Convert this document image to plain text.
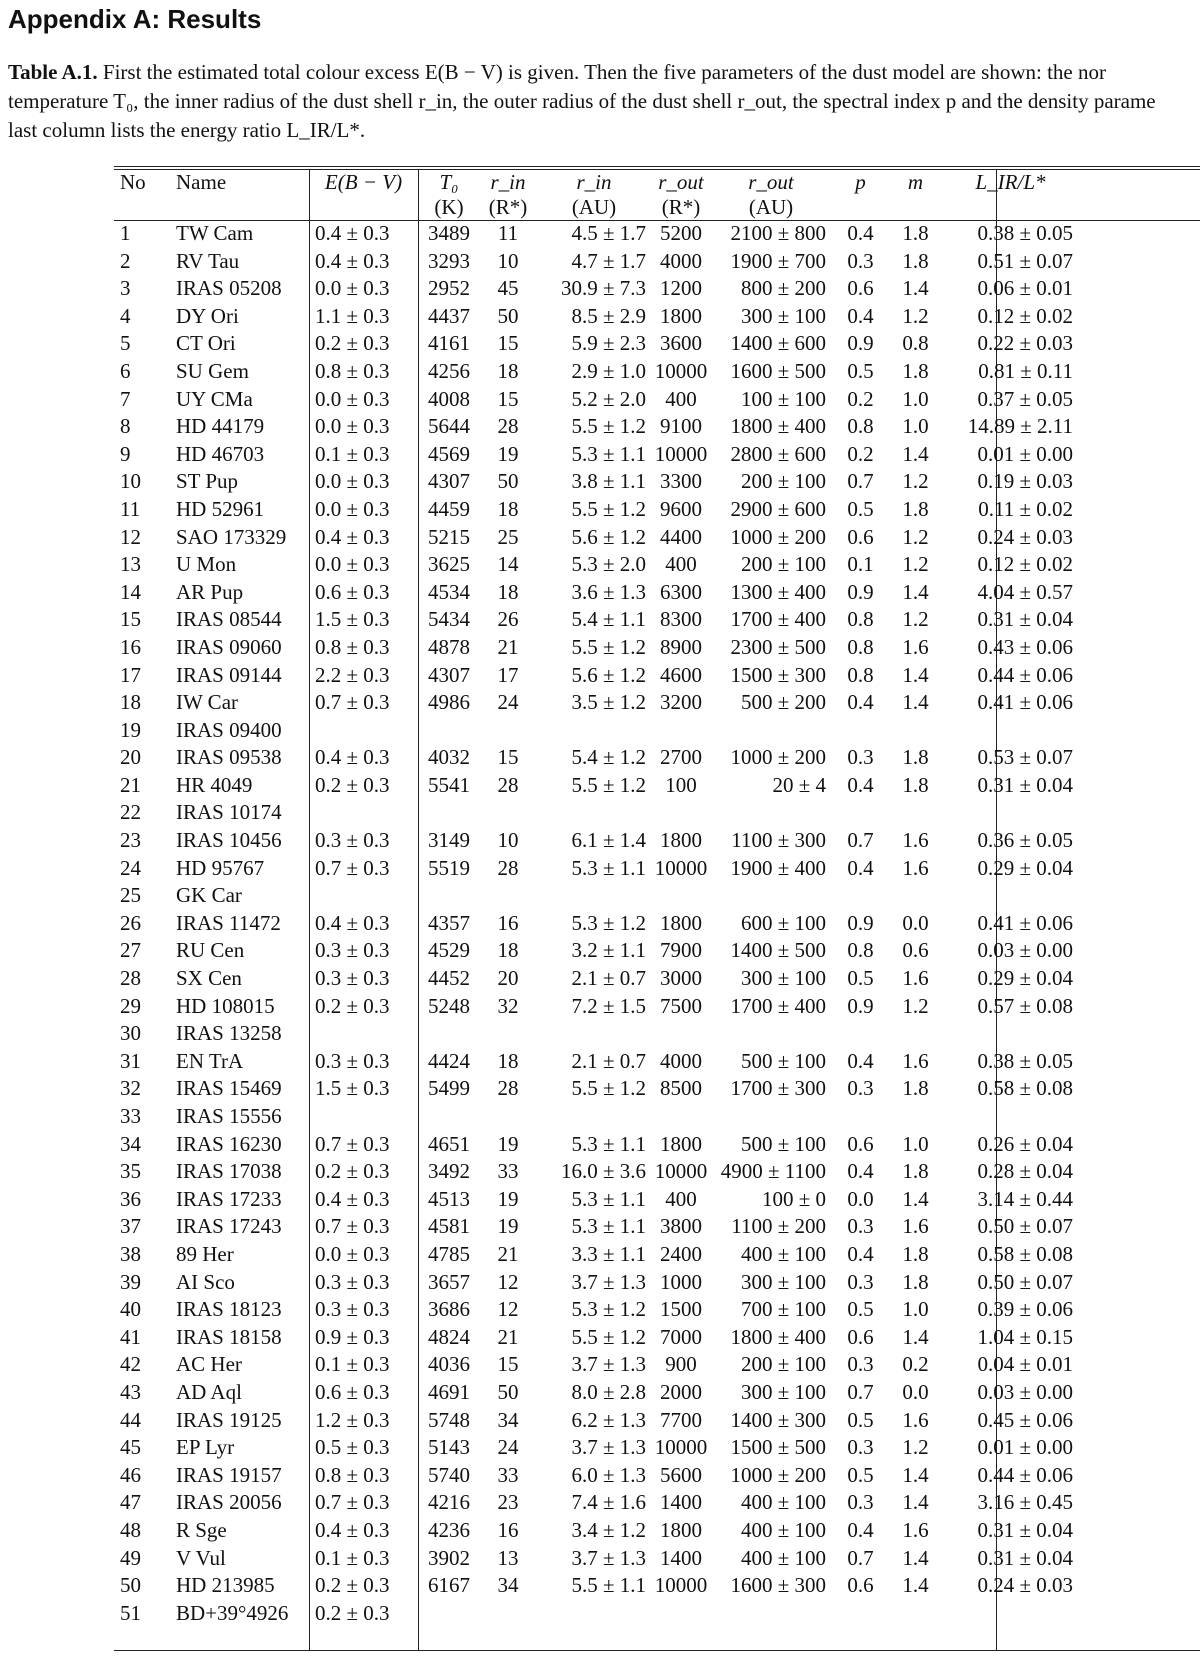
Appendix A: Results
Table A.1. First the estimated total colour excess E(B − V) is given. Then the five parameters of the dust model are shown: the nor
temperature T₀, the inner radius of the dust shell r_in, the outer radius of the dust shell r_out, the spectral index p and the density parame
last column lists the energy ratio L_IR/L*.
No	Name	E(B − V)	T₀	r_in	r_in	r_out	r_out	p	m	L_IR/L*
			(K)	(R*)	(AU)	(R*)	(AU)			
1	TW Cam	0.4 ± 0.3	3489	11	4.5 ± 1.7	5200	2100 ± 800	0.4	1.8	0.38 ± 0.05
2	RV Tau	0.4 ± 0.3	3293	10	4.7 ± 1.7	4000	1900 ± 700	0.3	1.8	0.51 ± 0.07
3	IRAS 05208	0.0 ± 0.3	2952	45	30.9 ± 7.3	1200	800 ± 200	0.6	1.4	0.06 ± 0.01
4	DY Ori	1.1 ± 0.3	4437	50	8.5 ± 2.9	1800	300 ± 100	0.4	1.2	0.12 ± 0.02
5	CT Ori	0.2 ± 0.3	4161	15	5.9 ± 2.3	3600	1400 ± 600	0.9	0.8	0.22 ± 0.03
6	SU Gem	0.8 ± 0.3	4256	18	2.9 ± 1.0	10000	1600 ± 500	0.5	1.8	0.81 ± 0.11
7	UY CMa	0.0 ± 0.3	4008	15	5.2 ± 2.0	400	100 ± 100	0.2	1.0	0.37 ± 0.05
8	HD 44179	0.0 ± 0.3	5644	28	5.5 ± 1.2	9100	1800 ± 400	0.8	1.0	14.89 ± 2.11
9	HD 46703	0.1 ± 0.3	4569	19	5.3 ± 1.1	10000	2800 ± 600	0.2	1.4	0.01 ± 0.00
10	ST Pup	0.0 ± 0.3	4307	50	3.8 ± 1.1	3300	200 ± 100	0.7	1.2	0.19 ± 0.03
11	HD 52961	0.0 ± 0.3	4459	18	5.5 ± 1.2	9600	2900 ± 600	0.5	1.8	0.11 ± 0.02
12	SAO 173329	0.4 ± 0.3	5215	25	5.6 ± 1.2	4400	1000 ± 200	0.6	1.2	0.24 ± 0.03
13	U Mon	0.0 ± 0.3	3625	14	5.3 ± 2.0	400	200 ± 100	0.1	1.2	0.12 ± 0.02
14	AR Pup	0.6 ± 0.3	4534	18	3.6 ± 1.3	6300	1300 ± 400	0.9	1.4	4.04 ± 0.57
15	IRAS 08544	1.5 ± 0.3	5434	26	5.4 ± 1.1	8300	1700 ± 400	0.8	1.2	0.31 ± 0.04
16	IRAS 09060	0.8 ± 0.3	4878	21	5.5 ± 1.2	8900	2300 ± 500	0.8	1.6	0.43 ± 0.06
17	IRAS 09144	2.2 ± 0.3	4307	17	5.6 ± 1.2	4600	1500 ± 300	0.8	1.4	0.44 ± 0.06
18	IW Car	0.7 ± 0.3	4986	24	3.5 ± 1.2	3200	500 ± 200	0.4	1.4	0.41 ± 0.06
19	IRAS 09400									
20	IRAS 09538	0.4 ± 0.3	4032	15	5.4 ± 1.2	2700	1000 ± 200	0.3	1.8	0.53 ± 0.07
21	HR 4049	0.2 ± 0.3	5541	28	5.5 ± 1.2	100	20 ± 4	0.4	1.8	0.31 ± 0.04
22	IRAS 10174									
23	IRAS 10456	0.3 ± 0.3	3149	10	6.1 ± 1.4	1800	1100 ± 300	0.7	1.6	0.36 ± 0.05
24	HD 95767	0.7 ± 0.3	5519	28	5.3 ± 1.1	10000	1900 ± 400	0.4	1.6	0.29 ± 0.04
25	GK Car									
26	IRAS 11472	0.4 ± 0.3	4357	16	5.3 ± 1.2	1800	600 ± 100	0.9	0.0	0.41 ± 0.06
27	RU Cen	0.3 ± 0.3	4529	18	3.2 ± 1.1	7900	1400 ± 500	0.8	0.6	0.03 ± 0.00
28	SX Cen	0.3 ± 0.3	4452	20	2.1 ± 0.7	3000	300 ± 100	0.5	1.6	0.29 ± 0.04
29	HD 108015	0.2 ± 0.3	5248	32	7.2 ± 1.5	7500	1700 ± 400	0.9	1.2	0.57 ± 0.08
30	IRAS 13258									
31	EN TrA	0.3 ± 0.3	4424	18	2.1 ± 0.7	4000	500 ± 100	0.4	1.6	0.38 ± 0.05
32	IRAS 15469	1.5 ± 0.3	5499	28	5.5 ± 1.2	8500	1700 ± 300	0.3	1.8	0.58 ± 0.08
33	IRAS 15556									
34	IRAS 16230	0.7 ± 0.3	4651	19	5.3 ± 1.1	1800	500 ± 100	0.6	1.0	0.26 ± 0.04
35	IRAS 17038	0.2 ± 0.3	3492	33	16.0 ± 3.6	10000	4900 ± 1100	0.4	1.8	0.28 ± 0.04
36	IRAS 17233	0.4 ± 0.3	4513	19	5.3 ± 1.1	400	100 ± 0	0.0	1.4	3.14 ± 0.44
37	IRAS 17243	0.7 ± 0.3	4581	19	5.3 ± 1.1	3800	1100 ± 200	0.3	1.6	0.50 ± 0.07
38	89 Her	0.0 ± 0.3	4785	21	3.3 ± 1.1	2400	400 ± 100	0.4	1.8	0.58 ± 0.08
39	AI Sco	0.3 ± 0.3	3657	12	3.7 ± 1.3	1000	300 ± 100	0.3	1.8	0.50 ± 0.07
40	IRAS 18123	0.3 ± 0.3	3686	12	5.3 ± 1.2	1500	700 ± 100	0.5	1.0	0.39 ± 0.06
41	IRAS 18158	0.9 ± 0.3	4824	21	5.5 ± 1.2	7000	1800 ± 400	0.6	1.4	1.04 ± 0.15
42	AC Her	0.1 ± 0.3	4036	15	3.7 ± 1.3	900	200 ± 100	0.3	0.2	0.04 ± 0.01
43	AD Aql	0.6 ± 0.3	4691	50	8.0 ± 2.8	2000	300 ± 100	0.7	0.0	0.03 ± 0.00
44	IRAS 19125	1.2 ± 0.3	5748	34	6.2 ± 1.3	7700	1400 ± 300	0.5	1.6	0.45 ± 0.06
45	EP Lyr	0.5 ± 0.3	5143	24	3.7 ± 1.3	10000	1500 ± 500	0.3	1.2	0.01 ± 0.00
46	IRAS 19157	0.8 ± 0.3	5740	33	6.0 ± 1.3	5600	1000 ± 200	0.5	1.4	0.44 ± 0.06
47	IRAS 20056	0.7 ± 0.3	4216	23	7.4 ± 1.6	1400	400 ± 100	0.3	1.4	3.16 ± 0.45
48	R Sge	0.4 ± 0.3	4236	16	3.4 ± 1.2	1800	400 ± 100	0.4	1.6	0.31 ± 0.04
49	V Vul	0.1 ± 0.3	3902	13	3.7 ± 1.3	1400	400 ± 100	0.7	1.4	0.31 ± 0.04
50	HD 213985	0.2 ± 0.3	6167	34	5.5 ± 1.1	10000	1600 ± 300	0.6	1.4	0.24 ± 0.03
51	BD+39°4926	0.2 ± 0.3								
